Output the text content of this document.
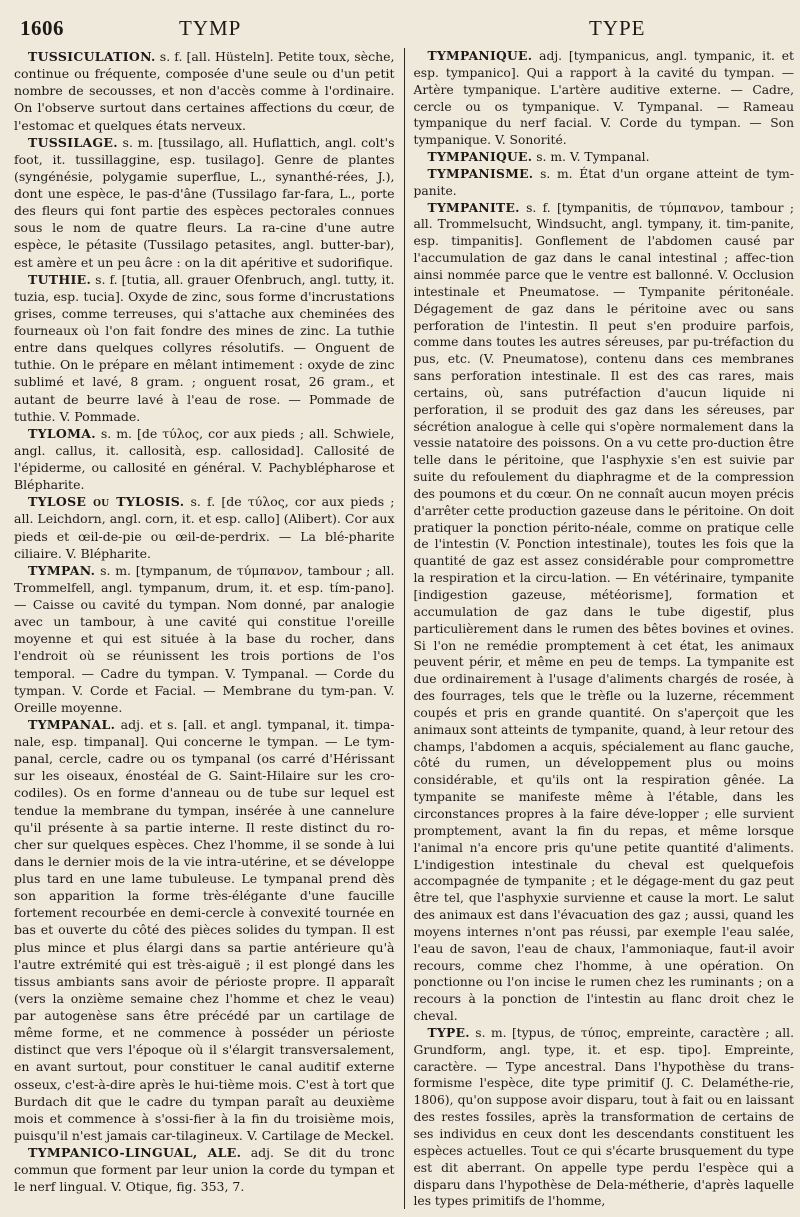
1606	TYMP	TYPE

TUSSICULATION. s. f. [all. Hüsteln]. Petite toux, sèche, continue ou fréquente, composée d'une seule ou d'un petit nombre de secousses, et non d'accès comme à l'ordinaire. On l'observe surtout dans certaines affections du cœur, de l'estomac et quelques états nerveux.

TUSSILAGE. s. m. [tussilago, all. Huflattich, angl. colt's foot, it. tussillaggine, esp. tusilago]. Genre de plantes (syngénésie, polygamie superflue, L., synanthé-rées, J.), dont une espèce, le pas-d'âne (Tussilago far-fara, L., porte des fleurs qui font partie des espèces pectorales connues sous le nom de quatre fleurs. La ra-cine d'une autre espèce, le pétasite (Tussilago petasites, angl. butter-bar), est amère et un peu âcre : on la dit apéritive et sudorifique.

TUTHIE. s. f. [tutia, all. grauer Ofenbruch, angl. tutty, it. tuzia, esp. tucia]. Oxyde de zinc, sous forme d'incrustations grises, comme terreuses, qui s'attache aux cheminées des fourneaux où l'on fait fondre des mines de zinc. La tuthie entre dans quelques collyres résolutifs. — Onguent de tuthie. On le prépare en mêlant intimement : oxyde de zinc sublimé et lavé, 8 gram. ; onguent rosat, 26 gram., et autant de beurre lavé à l'eau de rose. — Pommade de tuthie. V. Pommade.

TYLOMA. s. m. [de τύλος, cor aux pieds ; all. Schwiele, angl. callus, it. callosità, esp. callosidad]. Callosité de l'épiderme, ou callosité en général. V. Pachyblépharose et Blépharite.

TYLOSE ou TYLOSIS. s. f. [de τύλος, cor aux pieds ; all. Leichdorn, angl. corn, it. et esp. callo] (Alibert). Cor aux pieds et œil-de-pie ou œil-de-perdrix. — La blé-pharite ciliaire. V. Blépharite.

TYMPAN. s. m. [tympanum, de τύμπανον, tambour ; all. Trommelfell, angl. tympanum, drum, it. et esp. tím-pano]. — Caisse ou cavité du tympan. Nom donné, par analogie avec un tambour, à une cavité qui constitue l'oreille moyenne et qui est située à la base du rocher, dans l'endroit où se réunissent les trois portions de l'os temporal. — Cadre du tympan. V. Tympanal. — Corde du tympan. V. Corde et Facial. — Membrane du tym-pan. V. Oreille moyenne.

TYMPANAL. adj. et s. [all. et angl. tympanal, it. timpa-nale, esp. timpanal]. Qui concerne le tympan. — Le tym-panal, cercle, cadre ou os tympanal (os carré d'Hérissant sur les oiseaux, énostéal de G. Saint-Hilaire sur les cro-codiles). Os en forme d'anneau ou de tube sur lequel est tendue la membrane du tympan, insérée à une cannelure qu'il présente à sa partie interne. Il reste distinct du ro-cher sur quelques espèces. Chez l'homme, il se sonde à lui dans le dernier mois de la vie intra-utérine, et se développe plus tard en une lame tubuleuse. Le tympanal prend dès son apparition la forme très-élégante d'une faucille fortement recourbée en demi-cercle à convexité tournée en bas et ouverte du côté des pièces solides du tympan. Il est plus mince et plus élargi dans sa partie antérieure qu'à l'autre extrémité qui est très-aiguë ; il est plongé dans les tissus ambiants sans avoir de périoste propre. Il apparaît (vers la onzième semaine chez l'homme et chez le veau) par autogenèse sans être précédé par un cartilage de même forme, et ne commence à posséder un périoste distinct que vers l'époque où il s'élargit transversalement, en avant surtout, pour constituer le canal auditif externe osseux, c'est-à-dire après le hui-tième mois. C'est à tort que Burdach dit que le cadre du tympan paraît au deuxième mois et commence à s'ossi-fier à la fin du troisième mois, puisqu'il n'est jamais car-tilagineux. V. Cartilage de Meckel.

TYMPANICO-LINGUAL, ALE. adj. Se dit du tronc commun que forment par leur union la corde du tympan et le nerf lingual. V. Otique, fig. 353, 7.

TYMPANIQUE. adj. [tympanicus, angl. tympanic, it. et esp. tympanico]. Qui a rapport à la cavité du tympan. — Artère tympanique. L'artère auditive externe. — Cadre, cercle ou os tympanique. V. Tympanal. — Rameau tympanique du nerf facial. V. Corde du tympan. — Son tympanique. V. Sonorité.

TYMPANIQUE. s. m. V. Tympanal.

TYMPANISME. s. m. État d'un organe atteint de tym-panite.

TYMPANITE. s. f. [tympanitis, de τύμπανον, tambour ; all. Trommelsucht, Windsucht, angl. tympany, it. tim-panite, esp. timpanitis]. Gonflement de l'abdomen causé par l'accumulation de gaz dans le canal intestinal ; affec-tion ainsi nommée parce que le ventre est ballonné. V. Occlusion intestinale et Pneumatose. — Tympanite péritonéale. Dégagement de gaz dans le péritoine avec ou sans perforation de l'intestin. Il peut s'en produire parfois, comme dans toutes les autres séreuses, par pu-tréfaction du pus, etc. (V. Pneumatose), contenu dans ces membranes sans perforation intestinale. Il est des cas rares, mais certains, où, sans putréfaction d'aucun liquide ni perforation, il se produit des gaz dans les séreuses, par sécrétion analogue à celle qui s'opère normalement dans la vessie natatoire des poissons. On a vu cette pro-duction être telle dans le péritoine, que l'asphyxie s'en est suivie par suite du refoulement du diaphragme et de la compression des poumons et du cœur. On ne connaît aucun moyen précis d'arrêter cette production gazeuse dans le péritoine. On doit pratiquer la ponction périto-néale, comme on pratique celle de l'intestin (V. Ponction intestinale), toutes les fois que la quantité de gaz est assez considérable pour compromettre la respiration et la circu-lation. — En vétérinaire, tympanite [indigestion gazeuse, météorisme], formation et accumulation de gaz dans le tube digestif, plus particulièrement dans le rumen des bêtes bovines et ovines. Si l'on ne remédie promptement à cet état, les animaux peuvent périr, et même en peu de temps. La tympanite est due ordinairement à l'usage d'aliments chargés de rosée, à des fourrages, tels que le trèfle ou la luzerne, récemment coupés et pris en grande quantité. On s'aperçoit que les animaux sont atteints de tympanite, quand, à leur retour des champs, l'abdomen a acquis, spécialement au flanc gauche, côté du rumen, un développement plus ou moins considérable, et qu'ils ont la respiration gênée. La tympanite se manifeste même à l'étable, dans les circonstances propres à la faire déve-lopper ; elle survient promptement, avant la fin du repas, et même lorsque l'animal n'a encore pris qu'une petite quantité d'aliments. L'indigestion intestinale du cheval est quelquefois accompagnée de tympanite ; et le dégage-ment du gaz peut être tel, que l'asphyxie survienne et cause la mort. Le salut des animaux est dans l'évacuation des gaz ; aussi, quand les moyens internes n'ont pas réussi, par exemple l'eau salée, l'eau de savon, l'eau de chaux, l'ammoniaque, faut-il avoir recours, comme chez l'homme, à une opération. On ponctionne ou l'on incise le rumen chez les ruminants ; on a recours à la ponction de l'intestin au flanc droit chez le cheval.

TYPE. s. m. [typus, de τύπος, empreinte, caractère ; all. Grundform, angl. type, it. et esp. tipo]. Empreinte, caractère. — Type ancestral. Dans l'hypothèse du trans-formisme l'espèce, dite type primitif (J. C. Delaméthe-rie, 1806), qu'on suppose avoir disparu, tout à fait ou en laissant des restes fossiles, après la transformation de certains de ses individus en ceux dont les descendants constituent les espèces actuelles. Tout ce qui s'écarte brusquement du type est dit aberrant. On appelle type perdu l'espèce qui a disparu dans l'hypothèse de Dela-métherie, d'après laquelle les types primitifs de l'homme,
